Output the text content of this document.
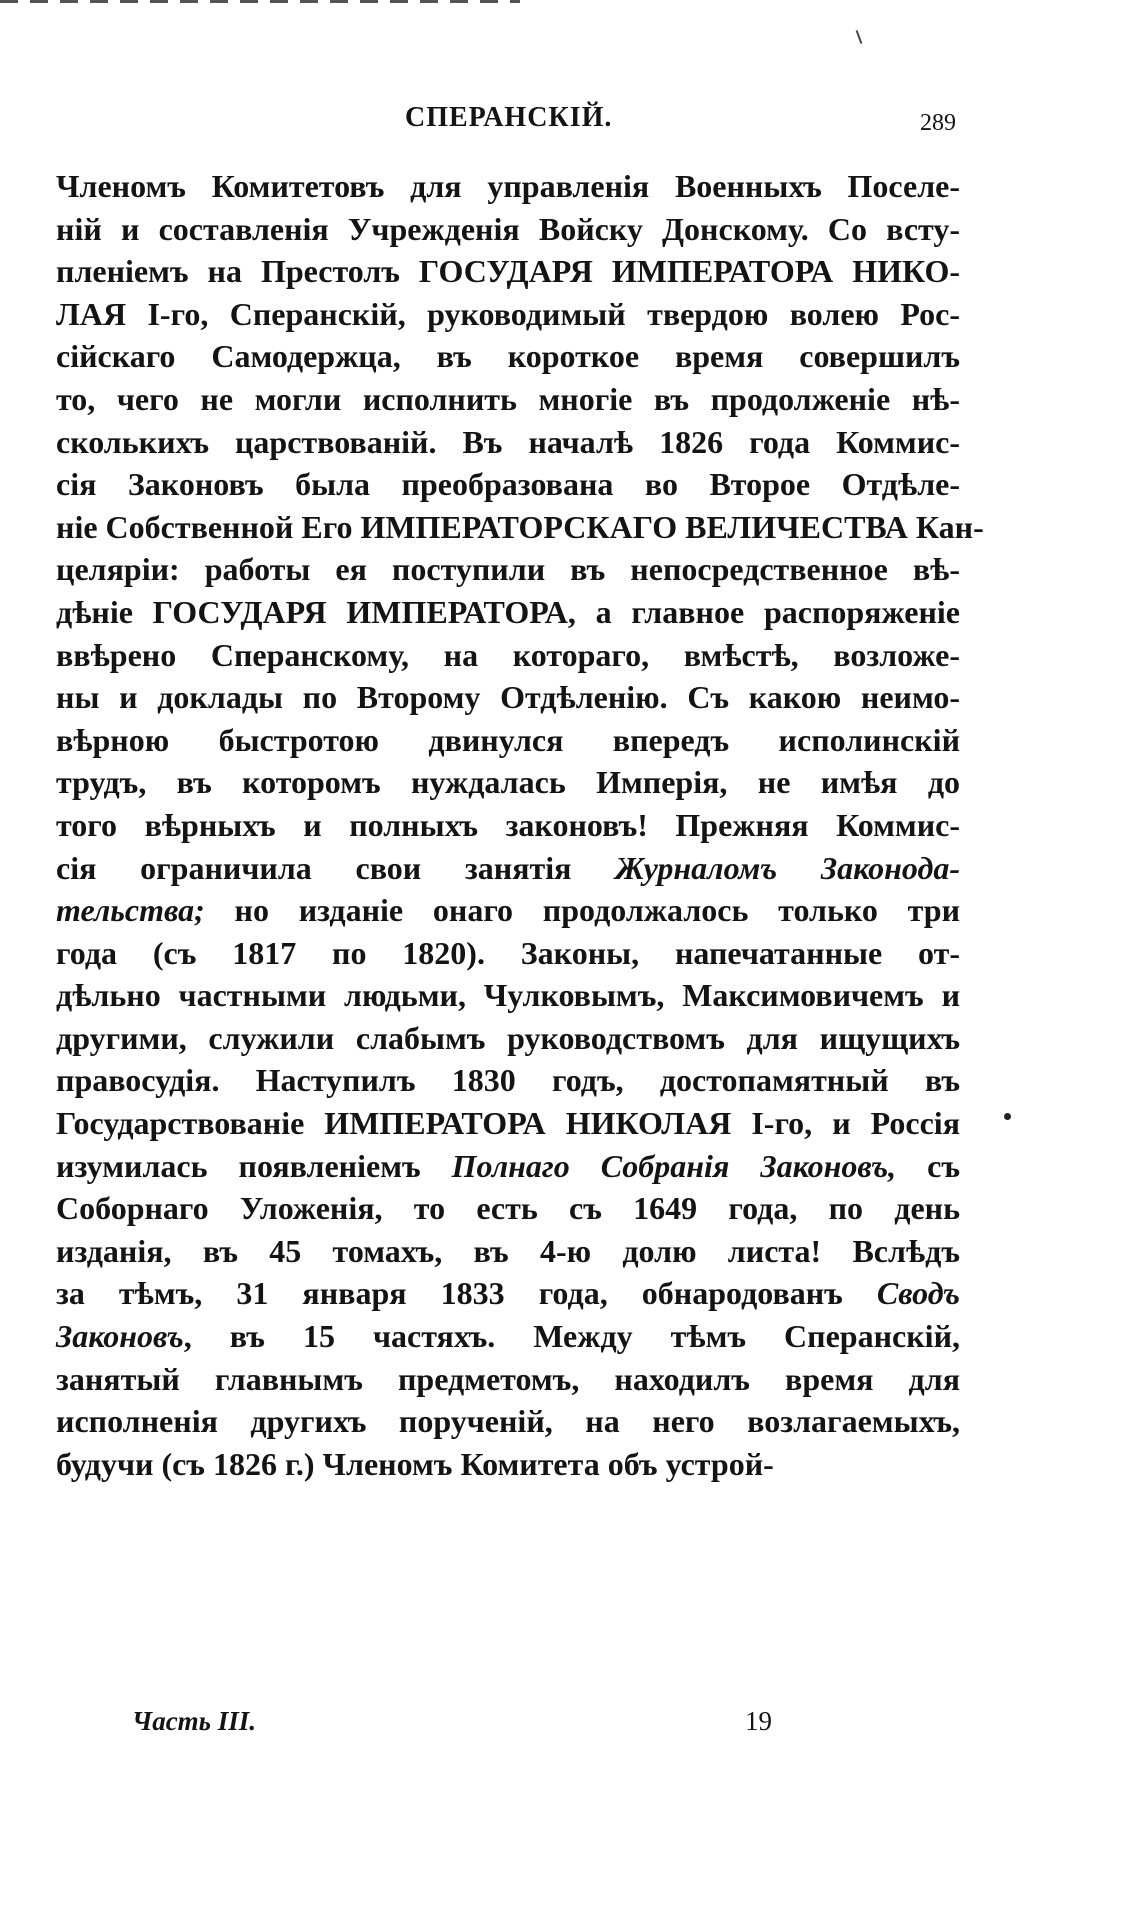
СПЕРАНСКІЙ.	289
Членомъ Комитетовъ для управленія Военныхъ Поселе-
ній и составленія Учрежденія Войску Донскому. Со всту-
пленіемъ на Престолъ ГОСУДАРЯ ИМПЕРАТОРА НИКО-
ЛАЯ I-го, Сперанскій, руководимый твердою волею Рос-
сійскаго Самодержца, въ короткое время совершилъ
то, чего не могли исполнить многіе въ продолженіе нѣ-
сколькихъ царствованій. Въ началѣ 1826 года Коммис-
сія Законовъ была преобразована во Второе Отдѣле-
ніе Собственной Его ИМПЕРАТОРСКАГО ВЕЛИЧЕСТВА Кан-
целяріи: работы ея поступили въ непосредственное вѣ-
дѣніе ГОСУДАРЯ ИМПЕРАТОРА, а главное распоряженіе
ввѣрено Сперанскому, на котораго, вмѣстѣ, возложе-
ны и доклады по Второму Отдѣленію. Съ какою неимо-
вѣрною быстротою двинулся впередъ исполинскій
трудъ, въ которомъ нуждалась Имперія, не имѣя до
того вѣрныхъ и полныхъ законовъ! Прежняя Коммис-
сія ограничила свои занятія Журналомъ Законода-
тельства; но изданіе онаго продолжалось только три
года (съ 1817 по 1820). Законы, напечатанные от-
дѣльно частными людьми, Чулковымъ, Максимовичемъ и
другими, служили слабымъ руководствомъ для ищущихъ
правосудія. Наступилъ 1830 годъ, достопамятный въ
Государствованіе ИМПЕРАТОРА НИКОЛАЯ I-го, и Россія
изумилась появленіемъ Полнаго Собранія Законовъ, съ
Соборнаго Уложенія, то есть съ 1649 года, по день
изданія, въ 45 томахъ, въ 4-ю долю листа! Вслѣдъ
за тѣмъ, 31 января 1833 года, обнародованъ Сводъ
Законовъ, въ 15 частяхъ. Между тѣмъ Сперанскій,
занятый главнымъ предметомъ, находилъ время для
исполненія другихъ порученій, на него возлагаемыхъ,
будучи (съ 1826 г.) Членомъ Комитета объ устрой-
Часть III.	19
